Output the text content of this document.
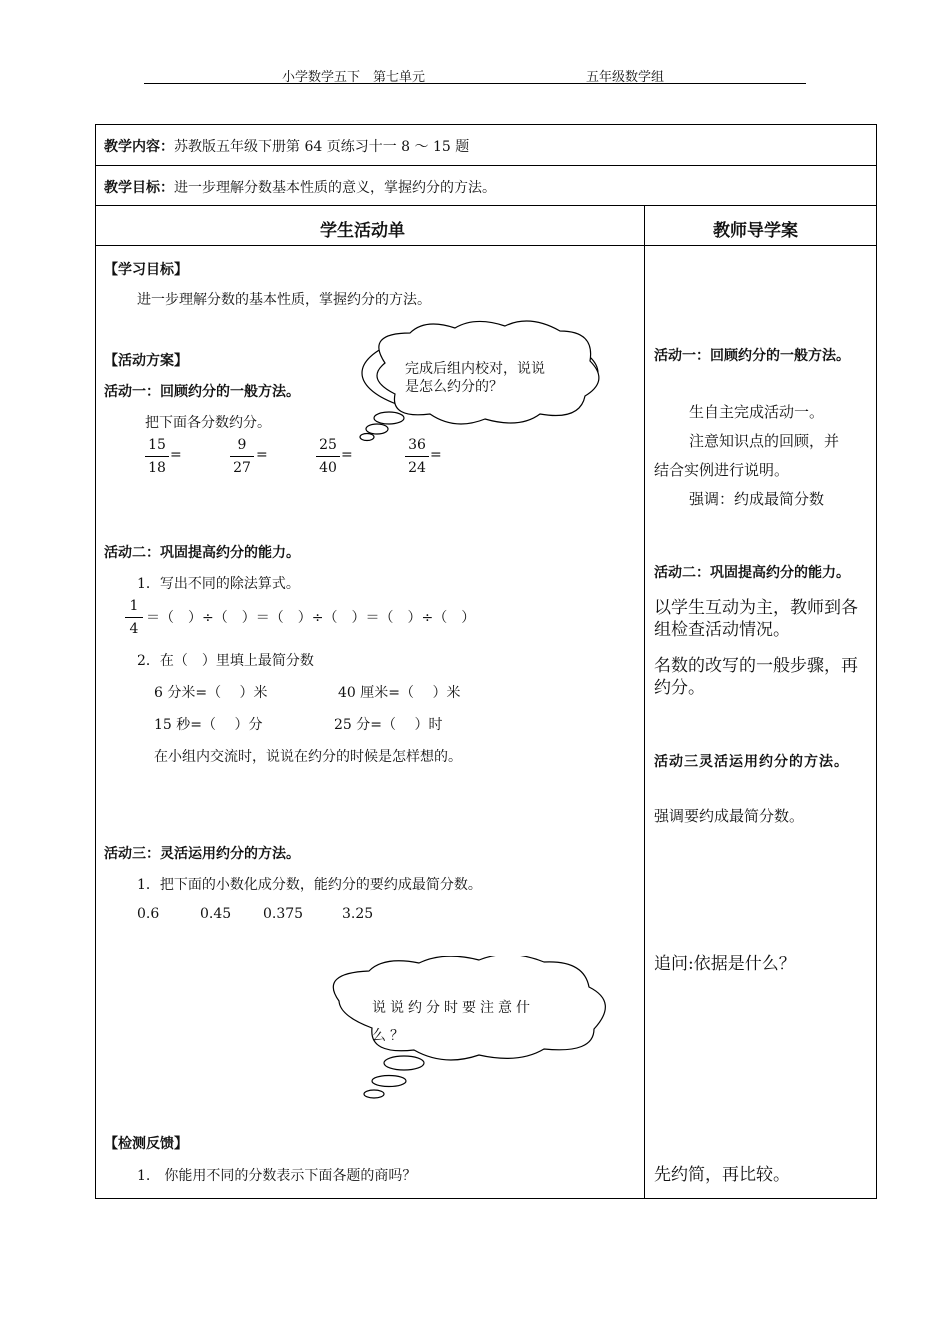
小学数学五下　第七单元	五年级数学组
教学内容：苏教版五年级下册第 64 页练习十一 8 ～ 15 题
教学目标：进一步理解分数基本性质的意义，掌握约分的方法。
学生活动单	教师导学案
【学习目标】
进一步理解分数的基本性质，掌握约分的方法。
【活动方案】
活动一：回顾约分的一般方法。
把下面各分数约分。
15
18
=
9
27
=
25
40
=
36
24
=
完成后组内校对，说说是怎么约分的？
活动二：巩固提高约分的能力。
1．写出不同的除法算式。
1
4
＝（　）÷（　）＝（　）÷（　）＝（　）÷（　）
2．在（　）里填上最简分数
6 分米=（　 ）米	40 厘米=（　 ）米
15 秒=（　 ）分	25 分=（　 ）时
在小组内交流时，说说在约分的时候是怎样想的。
活动三：灵活运用约分的方法。
1．把下面的小数化成分数，能约分的要约成最简分数。
0.6	0.45 0.375	3.25
说说约分时要注意什么？
【检测反馈】
1.　你能用不同的分数表示下面各题的商吗？
活动一：回顾约分的一般方法。
生自主完成活动一。
注意知识点的回顾，并
结合实例进行说明。
强调：约成最简分数
活动二：巩固提高约分的能力。
以学生互动为主，教师到各组检查活动情况。
名数的改写的一般步骤，再约分。
活动三灵活运用约分的方法。
强调要约成最简分数。
追问:依据是什么？
先约简，再比较。
